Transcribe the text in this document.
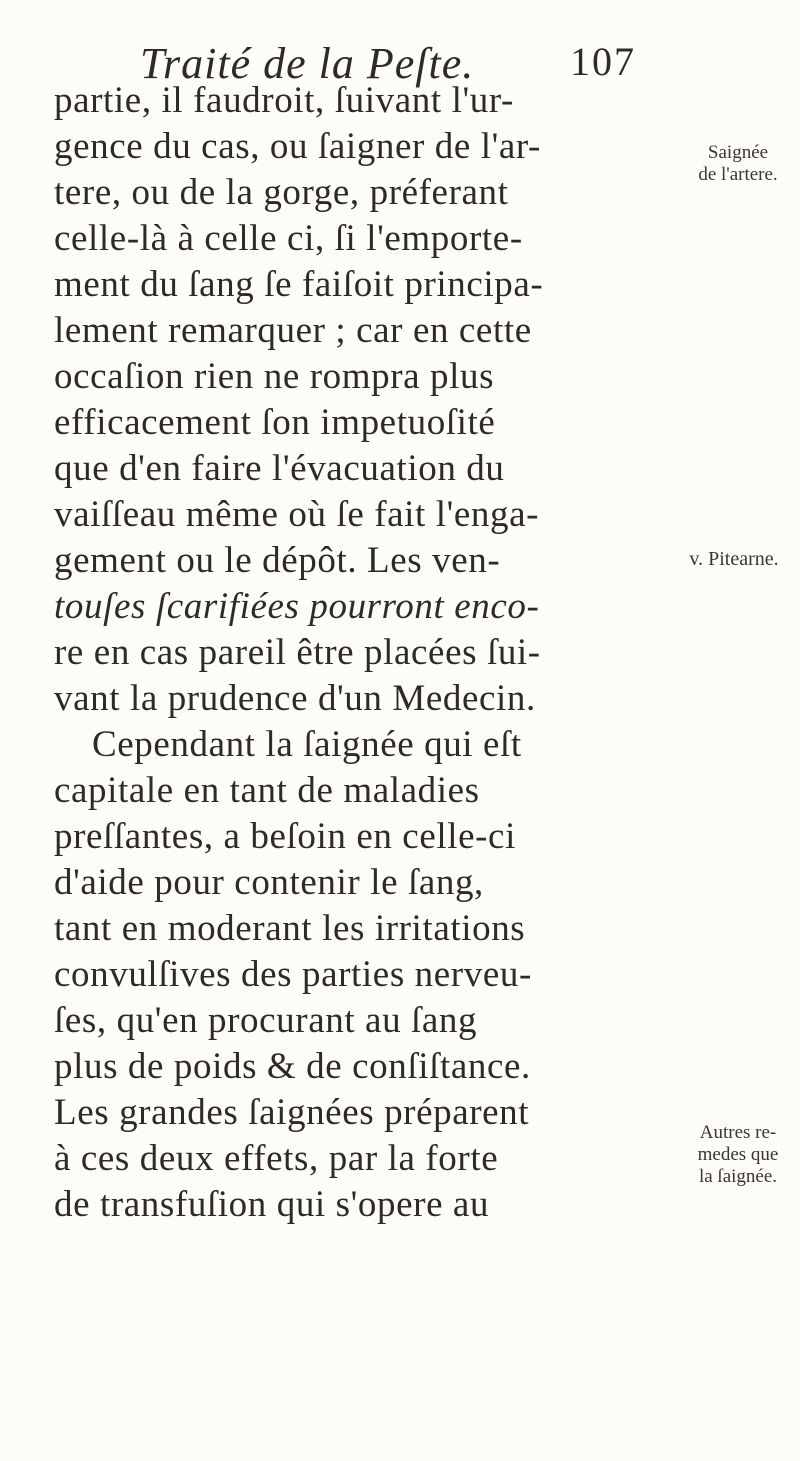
Traité de la Peſte. 107
partie, il faudroit, ſuivant l'ur-
gence du cas, ou ſaigner de l'ar-
tere, ou de la gorge, préferant
celle-là à celle ci, ſi l'emporte-
ment du ſang ſe faiſoit principa-
lement remarquer ; car en cette
occaſion rien ne rompra plus
efficacement ſon impetuoſité
que d'en faire l'évacuation du
vaiſſeau même où ſe fait l'enga-
gement ou le dépôt. Les ven-
touſes ſcarifiées pourront enco-
re en cas pareil être placées ſui-
vant la prudence d'un Medecin.
Cependant la ſaignée qui eſt
capitale en tant de maladies
preſſantes, a beſoin en celle-ci
d'aide pour contenir le ſang,
tant en moderant les irritations
convulſives des parties nerveu-
ſes, qu'en procurant au ſang
plus de poids & de conſiſtance.
Les grandes ſaignées préparent
à ces deux effets, par la forte
de transfuſion qui s'opere au
Saignée
de l'artere.
v. Pitearne.
Autres re-
medes que
la ſaignée.
